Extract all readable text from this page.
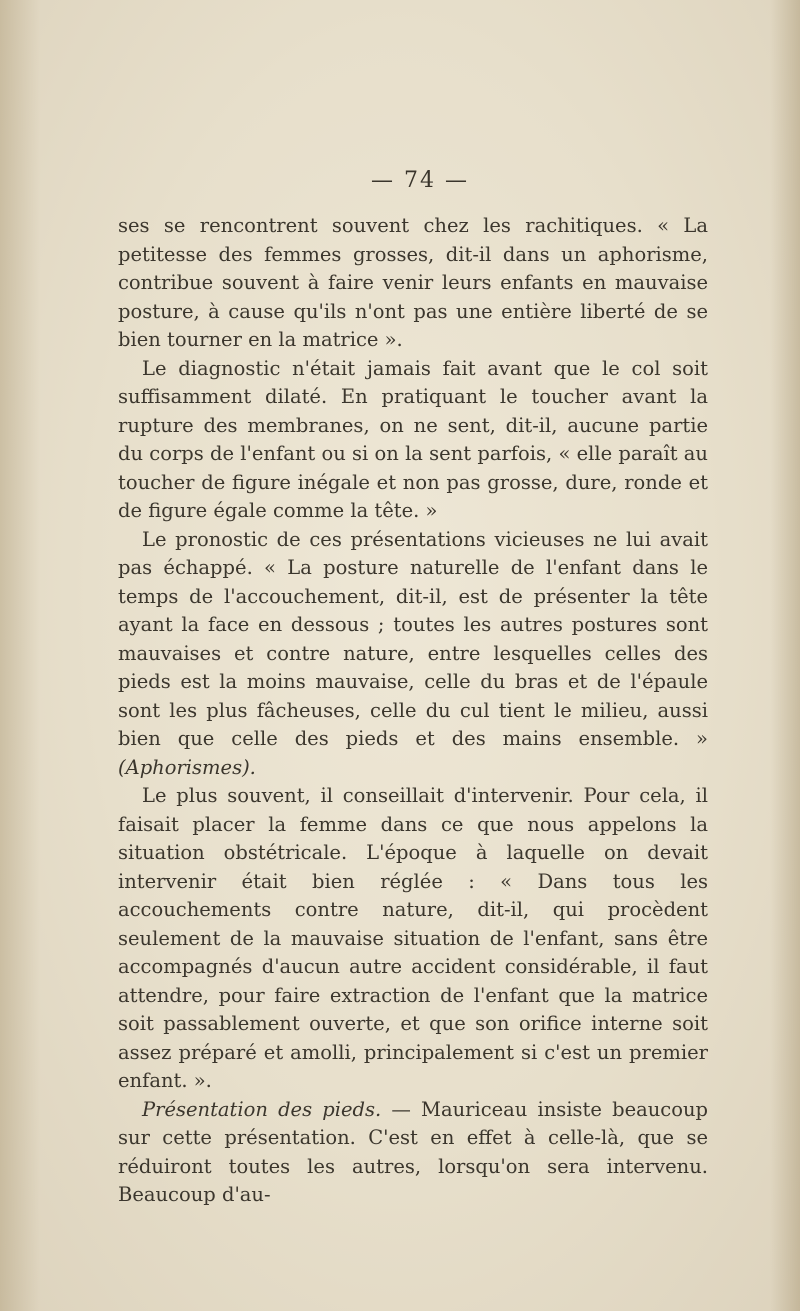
— 74 —

ses se rencontrent souvent chez les rachitiques. « La petitesse des femmes grosses, dit-il dans un aphorisme, contribue souvent à faire venir leurs enfants en mauvaise posture, à cause qu'ils n'ont pas une entière liberté de se bien tourner en la matrice ».

Le diagnostic n'était jamais fait avant que le col soit suffisamment dilaté. En pratiquant le toucher avant la rupture des membranes, on ne sent, dit-il, aucune partie du corps de l'enfant ou si on la sent parfois, « elle paraît au toucher de figure inégale et non pas grosse, dure, ronde et de figure égale comme la tête. »

Le pronostic de ces présentations vicieuses ne lui avait pas échappé. « La posture naturelle de l'enfant dans le temps de l'accouchement, dit-il, est de présenter la tête ayant la face en dessous ; toutes les autres postures sont mauvaises et contre nature, entre lesquelles celles des pieds est la moins mauvaise, celle du bras et de l'épaule sont les plus fâcheuses, celle du cul tient le milieu, aussi bien que celle des pieds et des mains ensemble. » (Aphorismes).

Le plus souvent, il conseillait d'intervenir. Pour cela, il faisait placer la femme dans ce que nous appelons la situation obstétricale. L'époque à laquelle on devait intervenir était bien réglée : « Dans tous les accouchements contre nature, dit-il, qui procèdent seulement de la mauvaise situation de l'enfant, sans être accompagnés d'aucun autre accident considérable, il faut attendre, pour faire extraction de l'enfant que la matrice soit passablement ouverte, et que son orifice interne soit assez préparé et amolli, principalement si c'est un premier enfant. ».

Présentation des pieds. — Mauriceau insiste beaucoup sur cette présentation. C'est en effet à celle-là, que se réduiront toutes les autres, lorsqu'on sera intervenu. Beaucoup d'au-
